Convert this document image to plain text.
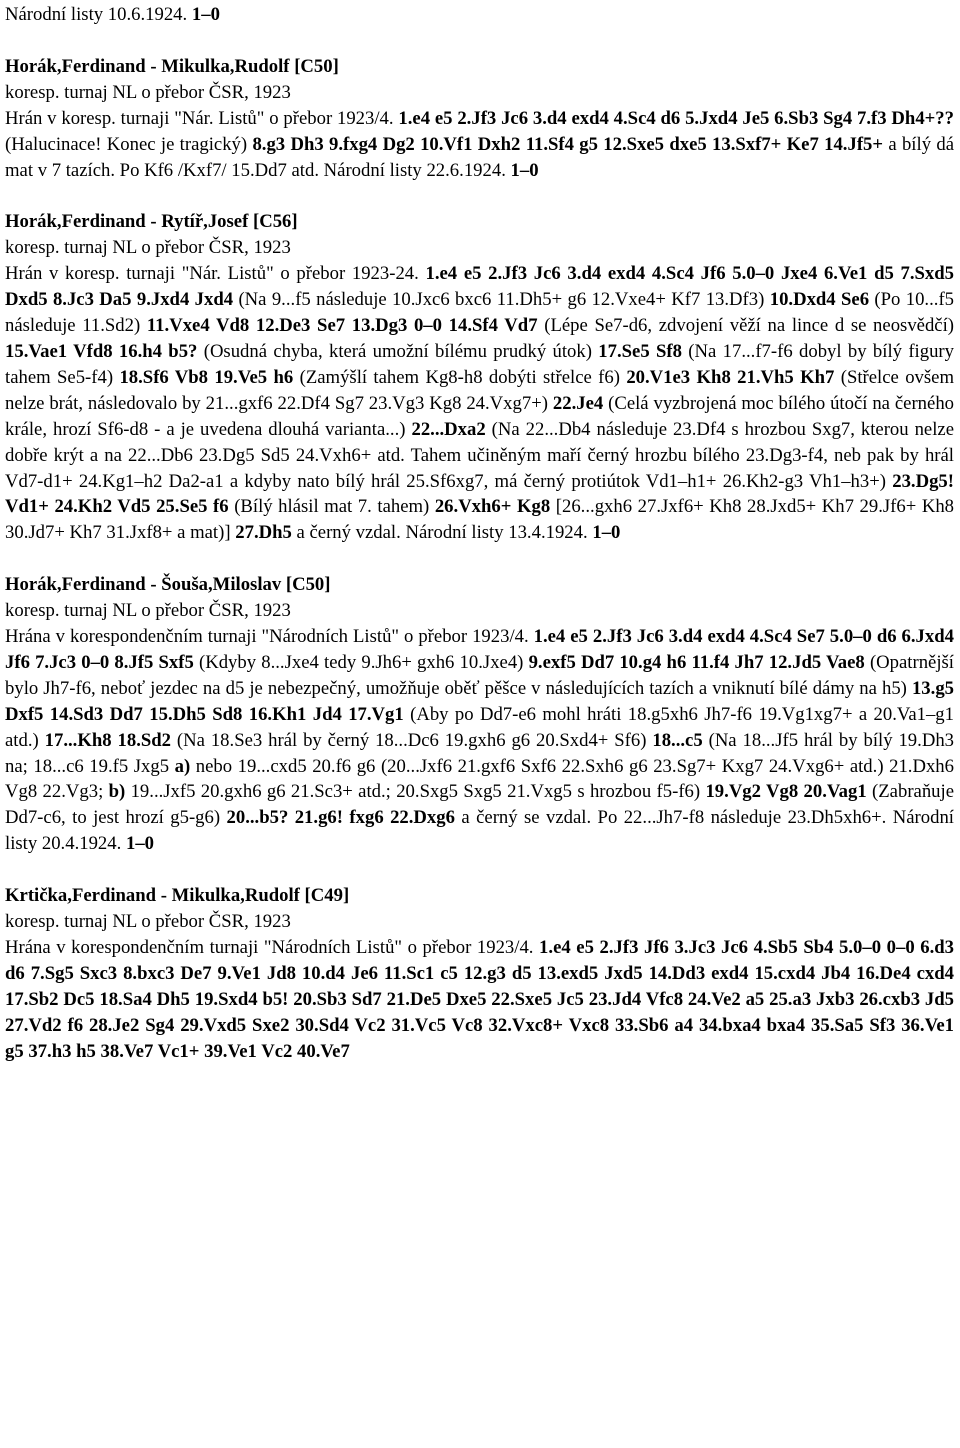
Národní listy 10.6.1924. 1–0
Horák,Ferdinand - Mikulka,Rudolf [C50]
koresp. turnaj NL o přebor ČSR, 1923
Hrán v koresp. turnaji "Nár. Listů" o přebor 1923/4. 1.e4 e5 2.Jf3 Jc6 3.d4 exd4 4.Sc4 d6 5.Jxd4 Je5 6.Sb3 Sg4 7.f3 Dh4+?? (Halucinace! Konec je tragický) 8.g3 Dh3 9.fxg4 Dg2 10.Vf1 Dxh2 11.Sf4 g5 12.Sxe5 dxe5 13.Sxf7+ Ke7 14.Jf5+ a bílý dá mat v 7 tazích. Po Kf6 /Kxf7/ 15.Dd7 atd. Národní listy 22.6.1924. 1–0
Horák,Ferdinand - Rytíř,Josef [C56]
koresp. turnaj NL o přebor ČSR, 1923
Hrán v koresp. turnaji "Nár. Listů" o přebor 1923-24. 1.e4 e5 2.Jf3 Jc6 3.d4 exd4 4.Sc4 Jf6 5.0–0 Jxe4 6.Ve1 d5 7.Sxd5 Dxd5 8.Jc3 Da5 9.Jxd4 Jxd4 (Na 9...f5 následuje 10.Jxc6 bxc6 11.Dh5+ g6 12.Vxe4+ Kf7 13.Df3) 10.Dxd4 Se6 (Po 10...f5 následuje 11.Sd2) 11.Vxe4 Vd8 12.De3 Se7 13.Dg3 0–0 14.Sf4 Vd7 (Lépe Se7-d6, zdvojení věží na lince d se neosvědčí) 15.Vae1 Vfd8 16.h4 b5? (Osudná chyba, která umožní bílému prudký útok) 17.Se5 Sf8 (Na 17...f7-f6 dobyl by bílý figury tahem Se5-f4) 18.Sf6 Vb8 19.Ve5 h6 (Zamýšlí tahem Kg8-h8 dobýti střelce f6) 20.V1e3 Kh8 21.Vh5 Kh7 (Střelce ovšem nelze brát, následovalo by 21...gxf6 22.Df4 Sg7 23.Vg3 Kg8 24.Vxg7+) 22.Je4 (Celá vyzbrojená moc bílého útočí na černého krále, hrozí Sf6-d8 - a je uvedena dlouhá varianta...) 22...Dxa2 (Na 22...Db4 následuje 23.Df4 s hrozbou Sxg7, kterou nelze dobře krýt a na 22...Db6 23.Dg5 Sd5 24.Vxh6+ atd. Tahem učiněným maří černý hrozbu bílého 23.Dg3-f4, neb pak by hrál Vd7-d1+ 24.Kg1–h2 Da2-a1 a kdyby nato bílý hrál 25.Sf6xg7, má černý protiútok Vd1–h1+ 26.Kh2-g3 Vh1–h3+) 23.Dg5! Vd1+ 24.Kh2 Vd5 25.Se5 f6 (Bílý hlásil mat 7. tahem) 26.Vxh6+ Kg8 [26...gxh6 27.Jxf6+ Kh8 28.Jxd5+ Kh7 29.Jf6+ Kh8 30.Jd7+ Kh7 31.Jxf8+ a mat)] 27.Dh5 a černý vzdal. Národní listy 13.4.1924. 1–0
Horák,Ferdinand - Šouša,Miloslav [C50]
koresp. turnaj NL o přebor ČSR, 1923
Hrána v korespondenčním turnaji "Národních Listů" o přebor 1923/4. 1.e4 e5 2.Jf3 Jc6 3.d4 exd4 4.Sc4 Se7 5.0–0 d6 6.Jxd4 Jf6 7.Jc3 0–0 8.Jf5 Sxf5 (Kdyby 8...Jxe4 tedy 9.Jh6+ gxh6 10.Jxe4) 9.exf5 Dd7 10.g4 h6 11.f4 Jh7 12.Jd5 Vae8 (Opatrnější bylo Jh7-f6, neboť jezdec na d5 je nebezpečný, umožňuje oběť pěšce v následujících tazích a vniknutí bílé dámy na h5) 13.g5 Dxf5 14.Sd3 Dd7 15.Dh5 Sd8 16.Kh1 Jd4 17.Vg1 (Aby po Dd7-e6 mohl hráti 18.g5xh6 Jh7-f6 19.Vg1xg7+ a 20.Va1–g1 atd.) 17...Kh8 18.Sd2 (Na 18.Se3 hrál by černý 18...Dc6 19.gxh6 g6 20.Sxd4+ Sf6) 18...c5 (Na 18...Jf5 hrál by bílý 19.Dh3 na; 18...c6 19.f5 Jxg5 a) nebo 19...cxd5 20.f6 g6 (20...Jxf6 21.gxf6 Sxf6 22.Sxh6 g6 23.Sg7+ Kxg7 24.Vxg6+ atd.) 21.Dxh6 Vg8 22.Vg3; b) 19...Jxf5 20.gxh6 g6 21.Sc3+ atd.; 20.Sxg5 Sxg5 21.Vxg5 s hrozbou f5-f6) 19.Vg2 Vg8 20.Vag1 (Zabraňuje Dd7-c6, to jest hrozí g5-g6) 20...b5? 21.g6! fxg6 22.Dxg6 a černý se vzdal. Po 22...Jh7-f8 následuje 23.Dh5xh6+. Národní listy 20.4.1924. 1–0
Krtička,Ferdinand - Mikulka,Rudolf [C49]
koresp. turnaj NL o přebor ČSR, 1923
Hrána v korespondenčním turnaji "Národních Listů" o přebor 1923/4. 1.e4 e5 2.Jf3 Jf6 3.Jc3 Jc6 4.Sb5 Sb4 5.0–0 0–0 6.d3 d6 7.Sg5 Sxc3 8.bxc3 De7 9.Ve1 Jd8 10.d4 Je6 11.Sc1 c5 12.g3 d5 13.exd5 Jxd5 14.Dd3 exd4 15.cxd4 Jb4 16.De4 cxd4 17.Sb2 Dc5 18.Sa4 Dh5 19.Sxd4 b5! 20.Sb3 Sd7 21.De5 Dxe5 22.Sxe5 Jc5 23.Jd4 Vfc8 24.Ve2 a5 25.a3 Jxb3 26.cxb3 Jd5 27.Vd2 f6 28.Je2 Sg4 29.Vxd5 Sxe2 30.Sd4 Vc2 31.Vc5 Vc8 32.Vxc8+ Vxc8 33.Sb6 a4 34.bxa4 bxa4 35.Sa5 Sf3 36.Ve1 g5 37.h3 h5 38.Ve7 Vc1+ 39.Ve1 Vc2 40.Ve7
